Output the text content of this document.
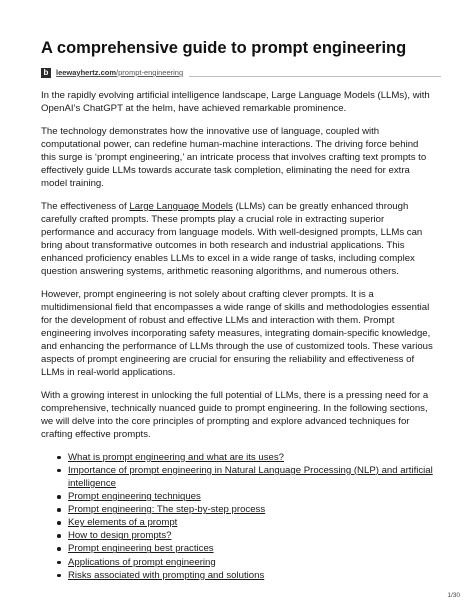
A comprehensive guide to prompt engineering
b	leewayhertz.com/prompt-engineering

In the rapidly evolving artificial intelligence landscape, Large Language Models (LLMs), with OpenAI’s ChatGPT at the helm, have achieved remarkable prominence.

The technology demonstrates how the innovative use of language, coupled with computational power, can redefine human-machine interactions. The driving force behind this surge is ‘prompt engineering,’ an intricate process that involves crafting text prompts to effectively guide LLMs towards accurate task completion, eliminating the need for extra model training.

The effectiveness of Large Language Models (LLMs) can be greatly enhanced through carefully crafted prompts. These prompts play a crucial role in extracting superior performance and accuracy from language models. With well-designed prompts, LLMs can bring about transformative outcomes in both research and industrial applications. This enhanced proficiency enables LLMs to excel in a wide range of tasks, including complex question answering systems, arithmetic reasoning algorithms, and numerous others.

However, prompt engineering is not solely about crafting clever prompts. It is a multidimensional field that encompasses a wide range of skills and methodologies essential for the development of robust and effective LLMs and interaction with them. Prompt engineering involves incorporating safety measures, integrating domain-specific knowledge, and enhancing the performance of LLMs through the use of customized tools. These various aspects of prompt engineering are crucial for ensuring the reliability and effectiveness of LLMs in real-world applications.

With a growing interest in unlocking the full potential of LLMs, there is a pressing need for a comprehensive, technically nuanced guide to prompt engineering. In the following sections, we will delve into the core principles of prompting and explore advanced techniques for crafting effective prompts.

What is prompt engineering and what are its uses?
Importance of prompt engineering in Natural Language Processing (NLP) and artificial intelligence
Prompt engineering techniques
Prompt engineering: The step-by-step process
Key elements of a prompt
How to design prompts?
Prompt engineering best practices
Applications of prompt engineering
Risks associated with prompting and solutions
1/30
